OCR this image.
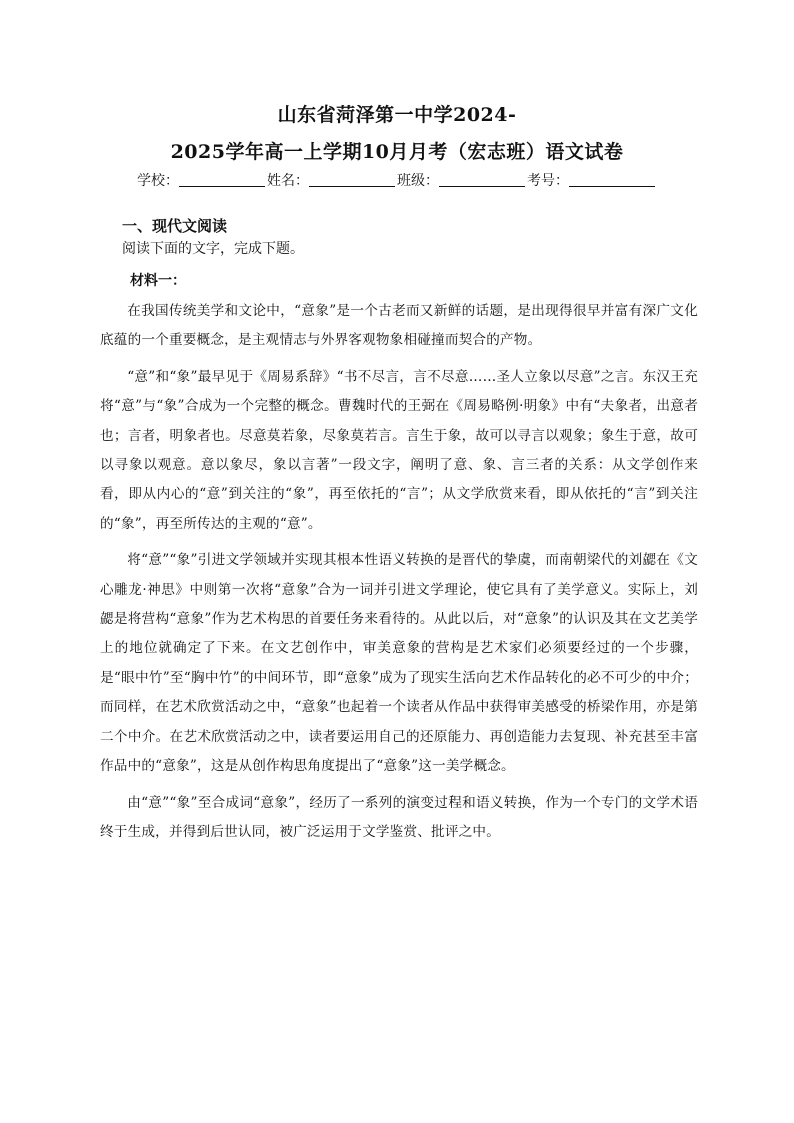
山东省菏泽第一中学2024-
2025学年高一上学期10月月考（宏志班）语文试卷
学校：	姓名：	班级：	考号：
一、现代文阅读

阅读下面的文字，完成下题。

材料一：

在我国传统美学和文论中，“意象”是一个古老而又新鲜的话题，是出现得很早并富有深广文化底蕴的一个重要概念，是主观情志与外界客观物象相碰撞而契合的产物。

“意”和“象”最早见于《周易系辞》“书不尽言，言不尽意……圣人立象以尽意”之言。东汉王充将“意”与“象”合成为一个完整的概念。曹魏时代的王弼在《周易略例·明象》中有“夫象者，出意者也；言者，明象者也。尽意莫若象，尽象莫若言。言生于象，故可以寻言以观象；象生于意，故可以寻象以观意。意以象尽，象以言著”一段文字，阐明了意、象、言三者的关系：从文学创作来看，即从内心的“意”到关注的“象”，再至依托的“言”；从文学欣赏来看，即从依托的“言”到关注的“象”，再至所传达的主观的“意”。

将“意”“象”引进文学领域并实现其根本性语义转换的是晋代的挚虞，而南朝梁代的刘勰在《文心雕龙·神思》中则第一次将“意象”合为一词并引进文学理论，使它具有了美学意义。实际上，刘勰是将营构“意象”作为艺术构思的首要任务来看待的。从此以后，对“意象”的认识及其在文艺美学上的地位就确定了下来。在文艺创作中，审美意象的营构是艺术家们必须要经过的一个步骤，是“眼中竹”至“胸中竹”的中间环节，即“意象”成为了现实生活向艺术作品转化的必不可少的中介；而同样，在艺术欣赏活动之中，“意象”也起着一个读者从作品中获得审美感受的桥梁作用，亦是第二个中介。在艺术欣赏活动之中，读者要运用自己的还原能力、再创造能力去复现、补充甚至丰富作品中的“意象”，这是从创作构思角度提出了“意象”这一美学概念。

由“意”“象”至合成词“意象”，经历了一系列的演变过程和语义转换，作为一个专门的文学术语终于生成，并得到后世认同，被广泛运用于文学鉴赏、批评之中。
